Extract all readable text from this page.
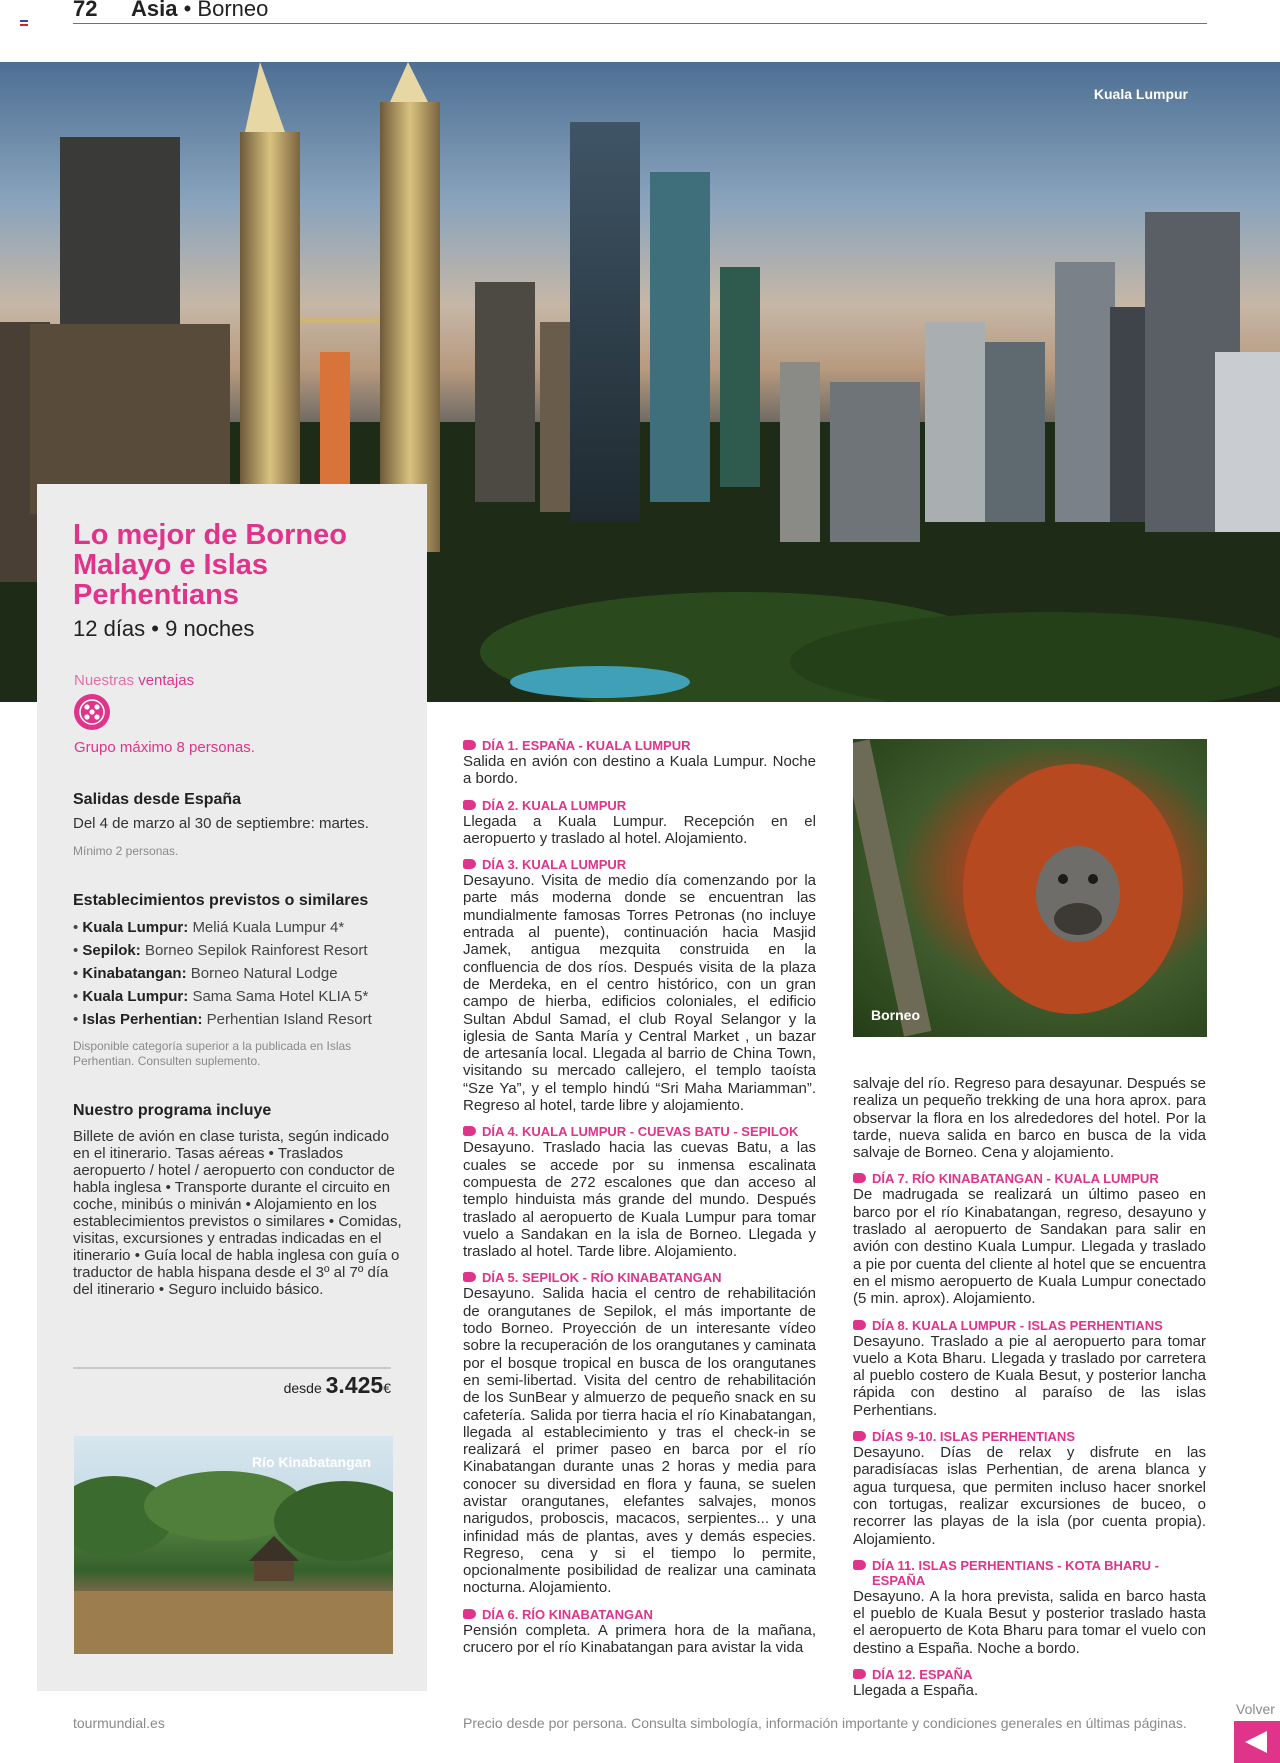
72 Asia • Borneo
Kuala Lumpur
Lo mejor de Borneo Malayo e Islas Perhentians
12 días • 9 noches
Nuestras ventajas
Grupo máximo 8 personas.
Salidas desde España
Del 4 de marzo al 30 de septiembre: martes.
Mínimo 2 personas.
Establecimientos previstos o similares
• Kuala Lumpur: Meliá Kuala Lumpur 4*
• Sepilok: Borneo Sepilok Rainforest Resort
• Kinabatangan: Borneo Natural Lodge
• Kuala Lumpur: Sama Sama Hotel KLIA 5*
• Islas Perhentian: Perhentian Island Resort
Disponible categoría superior a la publicada en Islas Perhentian. Consulten suplemento.
Nuestro programa incluye
Billete de avión en clase turista, según indicado en el itinerario. Tasas aéreas • Traslados aeropuerto / hotel / aeropuerto con conductor de habla inglesa • Transporte durante el circuito en coche, minibús o miniván • Alojamiento en los establecimientos previstos o similares • Comidas, visitas, excursiones y entradas indicadas en el itinerario • Guía local de habla inglesa con guía o traductor de habla hispana desde el 3º al 7º día del itinerario • Seguro incluido básico.
desde 3.425€
Río Kinabatangan
DÍA 1. ESPAÑA - KUALA LUMPUR
Salida en avión con destino a Kuala Lumpur. Noche a bordo.
DÍA 2. KUALA LUMPUR
Llegada a Kuala Lumpur. Recepción en el aeropuerto y traslado al hotel. Alojamiento.
DÍA 3. KUALA LUMPUR
Desayuno. Visita de medio día comenzando por la parte más moderna donde se encuentran las mundialmente famosas Torres Petronas (no incluye entrada al puente), continuación hacia Masjid Jamek, antigua mezquita construida en la confluencia de dos ríos. Después visita de la plaza de Merdeka, en el centro histórico, con un gran campo de hierba, edificios coloniales, el edificio Sultan Abdul Samad, el club Royal Selangor y la iglesia de Santa María y Central Market , un bazar de artesanía local. Llegada al barrio de China Town, visitando su mercado callejero, el templo taoísta “Sze Ya”, y el templo hindú “Sri Maha Mariamman”. Regreso al hotel, tarde libre y alojamiento.
DÍA 4. KUALA LUMPUR - CUEVAS BATU - SEPILOK
Desayuno. Traslado hacia las cuevas Batu, a las cuales se accede por su inmensa escalinata compuesta de 272 escalones que dan acceso al templo hinduista más grande del mundo. Después traslado al aeropuerto de Kuala Lumpur para tomar vuelo a Sandakan en la isla de Borneo. Llegada y traslado al hotel. Tarde libre. Alojamiento.
DÍA 5. SEPILOK - RÍO KINABATANGAN
Desayuno. Salida hacia el centro de rehabilitación de orangutanes de Sepilok, el más importante de todo Borneo. Proyección de un interesante vídeo sobre la recuperación de los orangutanes y caminata por el bosque tropical en busca de los orangutanes en semi-libertad. Visita del centro de rehabilitación de los SunBear y almuerzo de pequeño snack en su cafetería. Salida por tierra hacia el río Kinabatangan, llegada al establecimiento y tras el check-in se realizará el primer paseo en barca por el río Kinabatangan durante unas 2 horas y media para conocer su diversidad en flora y fauna, se suelen avistar orangutanes, elefantes salvajes, monos narigudos, proboscis, macacos, serpientes... y una infinidad más de plantas, aves y demás especies. Regreso, cena y si el tiempo lo permite, opcionalmente posibilidad de realizar una caminata nocturna. Alojamiento.
DÍA 6. RÍO KINABATANGAN
Pensión completa. A primera hora de la mañana, crucero por el río Kinabatangan para avistar la vida
Borneo
salvaje del río. Regreso para desayunar. Después se realiza un pequeño trekking de una hora aprox. para observar la flora en los alrededores del hotel. Por la tarde, nueva salida en barco en busca de la vida salvaje de Borneo. Cena y alojamiento.
DÍA 7. RÍO KINABATANGAN - KUALA LUMPUR
De madrugada se realizará un último paseo en barco por el río Kinabatangan, regreso, desayuno y traslado al aeropuerto de Sandakan para salir en avión con destino Kuala Lumpur. Llegada y traslado a pie por cuenta del cliente al hotel que se encuentra en el mismo aeropuerto de Kuala Lumpur conectado (5 min. aprox). Alojamiento.
DÍA 8. KUALA LUMPUR - ISLAS PERHENTIANS
Desayuno. Traslado a pie al aeropuerto para tomar vuelo a Kota Bharu. Llegada y traslado por carretera al pueblo costero de Kuala Besut, y posterior lancha rápida con destino al paraíso de las islas Perhentians.
DÍAS 9-10. ISLAS PERHENTIANS
Desayuno. Días de relax y disfrute en las paradisíacas islas Perhentian, de arena blanca y agua turquesa, que permiten incluso hacer snorkel con tortugas, realizar excursiones de buceo, o recorrer las playas de la isla (por cuenta propia). Alojamiento.
DÍA 11. ISLAS PERHENTIANS - KOTA BHARU - ESPAÑA
Desayuno. A la hora prevista, salida en barco hasta el pueblo de Kuala Besut y posterior traslado hasta el aeropuerto de Kota Bharu para tomar el vuelo con destino a España. Noche a bordo.
DÍA 12. ESPAÑA
Llegada a España.
tourmundial.es	Precio desde por persona. Consulta simbología, información importante y condiciones generales en últimas páginas.
Volver
